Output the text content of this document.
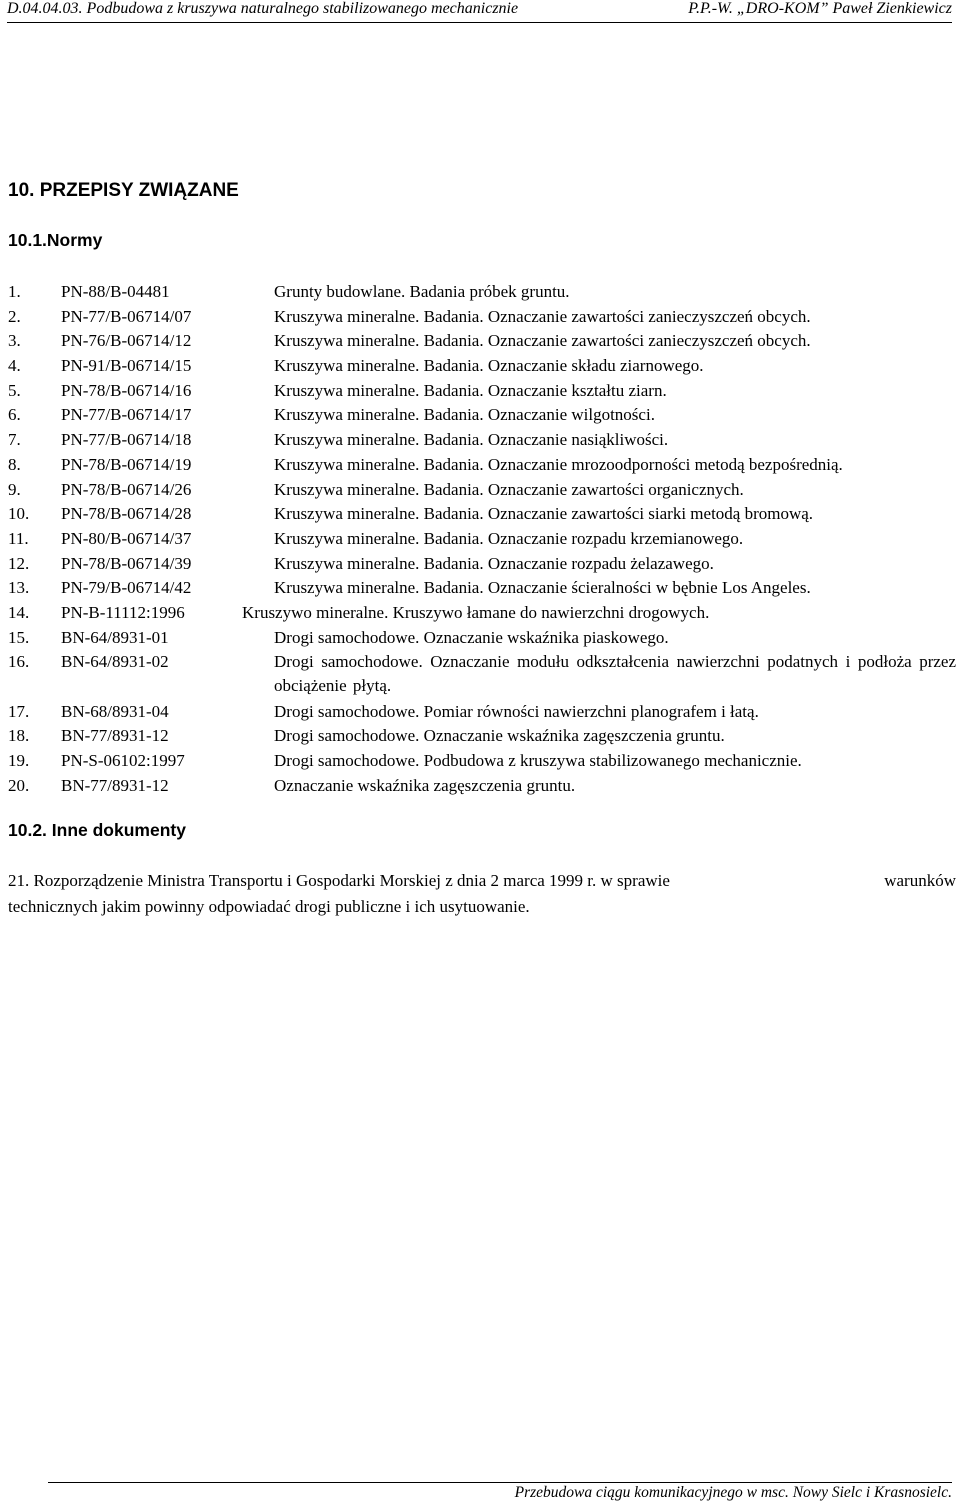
D.04.04.03. Podbudowa z kruszywa naturalnego stabilizowanego mechanicznie	P.P.-W. „DRO-KOM” Paweł Zienkiewicz
10. PRZEPISY ZWIĄZANE
10.1.Normy
1. PN-88/B-04481	Grunty budowlane. Badania próbek gruntu.
2. PN-77/B-06714/07	Kruszywa mineralne. Badania. Oznaczanie zawartości zanieczyszczeń obcych.
3. PN-76/B-06714/12	Kruszywa mineralne. Badania. Oznaczanie zawartości zanieczyszczeń obcych.
4. PN-91/B-06714/15	Kruszywa mineralne. Badania. Oznaczanie składu ziarnowego.
5. PN-78/B-06714/16	Kruszywa mineralne. Badania. Oznaczanie kształtu ziarn.
6. PN-77/B-06714/17	Kruszywa mineralne. Badania. Oznaczanie wilgotności.
7. PN-77/B-06714/18	Kruszywa mineralne. Badania. Oznaczanie nasiąkliwości.
8. PN-78/B-06714/19	Kruszywa mineralne. Badania. Oznaczanie mrozoodporności metodą bezpośrednią.
9. PN-78/B-06714/26	Kruszywa mineralne. Badania. Oznaczanie zawartości organicznych.
10. PN-78/B-06714/28	Kruszywa mineralne. Badania. Oznaczanie zawartości siarki metodą bromową.
11. PN-80/B-06714/37	Kruszywa mineralne. Badania. Oznaczanie rozpadu krzemianowego.
12. PN-78/B-06714/39	Kruszywa mineralne. Badania. Oznaczanie rozpadu żelazawego.
13. PN-79/B-06714/42	Kruszywa mineralne. Badania. Oznaczanie ścieralności w bębnie Los Angeles.
14. PN-B-11112:1996	Kruszywo mineralne. Kruszywo łamane do nawierzchni drogowych.
15. BN-64/8931-01	Drogi samochodowe. Oznaczanie wskaźnika piaskowego.
16. BN-64/8931-02	Drogi samochodowe. Oznaczanie modułu odkształcenia nawierzchni podatnych i podłoża przez obciążenie płytą.
17. BN-68/8931-04	Drogi samochodowe. Pomiar równości nawierzchni planografem i łatą.
18. BN-77/8931-12	Drogi samochodowe. Oznaczanie wskaźnika zagęszczenia gruntu.
19. PN-S-06102:1997	Drogi samochodowe. Podbudowa z kruszywa stabilizowanego mechanicznie.
20. BN-77/8931-12	Oznaczanie wskaźnika zagęszczenia gruntu.
10.2. Inne dokumenty
21. Rozporządzenie Ministra Transportu i Gospodarki Morskiej z dnia 2 marca 1999 r. w sprawie	warunków
technicznych jakim powinny odpowiadać drogi publiczne i ich usytuowanie.
Przebudowa ciągu komunikacyjnego w msc. Nowy Sielc i Krasnosielc.
